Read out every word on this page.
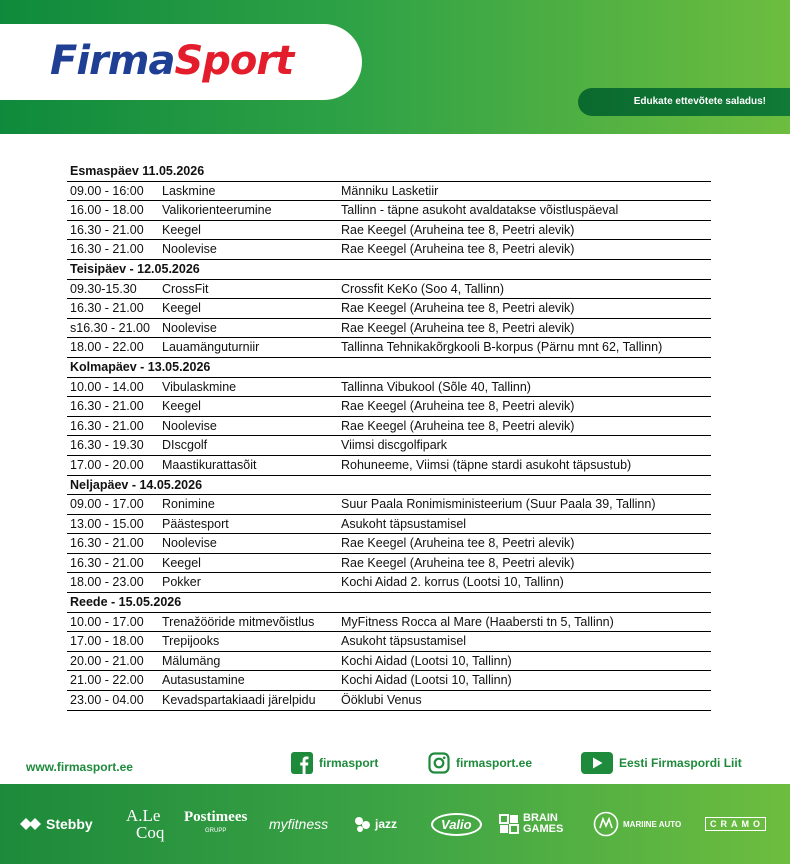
FirmaSport
Edukate ettevõtete saladus!
Esmaspäev 11.05.2026
09.00 - 16:00	Laskmine	Männiku Lasketiir
16.00 - 18.00	Valikorienteerumine	Tallinn - täpne asukoht avaldatakse võistluspäeval
16.30 - 21.00	Keegel	Rae Keegel (Aruheina tee 8, Peetri alevik)
16.30 - 21.00	Noolevise	Rae Keegel (Aruheina tee 8, Peetri alevik)
Teisipäev - 12.05.2026
09.30-15.30	CrossFit	Crossfit KeKo (Soo 4, Tallinn)
16.30 - 21.00	Keegel	Rae Keegel (Aruheina tee 8, Peetri alevik)
s16.30 - 21.00 Noolevise	Rae Keegel (Aruheina tee 8, Peetri alevik)
18.00 - 22.00	Lauamänguturniir	Tallinna Tehnikakõrgkooli B-korpus (Pärnu mnt 62, Tallinn)
Kolmapäev - 13.05.2026
10.00 - 14.00	Vibulaskmine	Tallinna Vibukool (Sõle 40, Tallinn)
16.30 - 21.00	Keegel	Rae Keegel (Aruheina tee 8, Peetri alevik)
16.30 - 21.00	Noolevise	Rae Keegel (Aruheina tee 8, Peetri alevik)
16.30 - 19.30	DIscgolf	Viimsi discgolfipark
17.00 - 20.00	Maastikurattasõit	Rohuneeme, Viimsi (täpne stardi asukoht täpsustub)
Neljapäev - 14.05.2026
09.00 - 17.00	Ronimine	Suur Paala Ronimisministeerium (Suur Paala 39, Tallinn)
13.00 - 15.00	Päästesport	Asukoht täpsustamisel
16.30 - 21.00	Noolevise	Rae Keegel (Aruheina tee 8, Peetri alevik)
16.30 - 21.00	Keegel	Rae Keegel (Aruheina tee 8, Peetri alevik)
18.00 - 23.00	Pokker	Kochi Aidad 2. korrus (Lootsi 10, Tallinn)
Reede - 15.05.2026
10.00 - 17.00	Trenažööride mitmevõistlus	MyFitness Rocca al Mare (Haabersti tn 5, Tallinn)
17.00 - 18.00	Trepijooks	Asukoht täpsustamisel
20.00 - 21.00	Mälumäng	Kochi Aidad (Lootsi 10, Tallinn)
21.00 - 22.00	Autasustamine	Kochi Aidad (Lootsi 10, Tallinn)
23.00 - 04.00	Kevadspartakiaadi järelpidu	Ööklubi Venus
www.firmasport.ee	firmasport	firmasport.ee	Eesti Firmaspordi Liit
Stebby A.Le
Coq
Postimees
GRUPP	myfitness	jazz	Valio	BRAIN
GAMES	MARIINE AUTO	CRAMO
